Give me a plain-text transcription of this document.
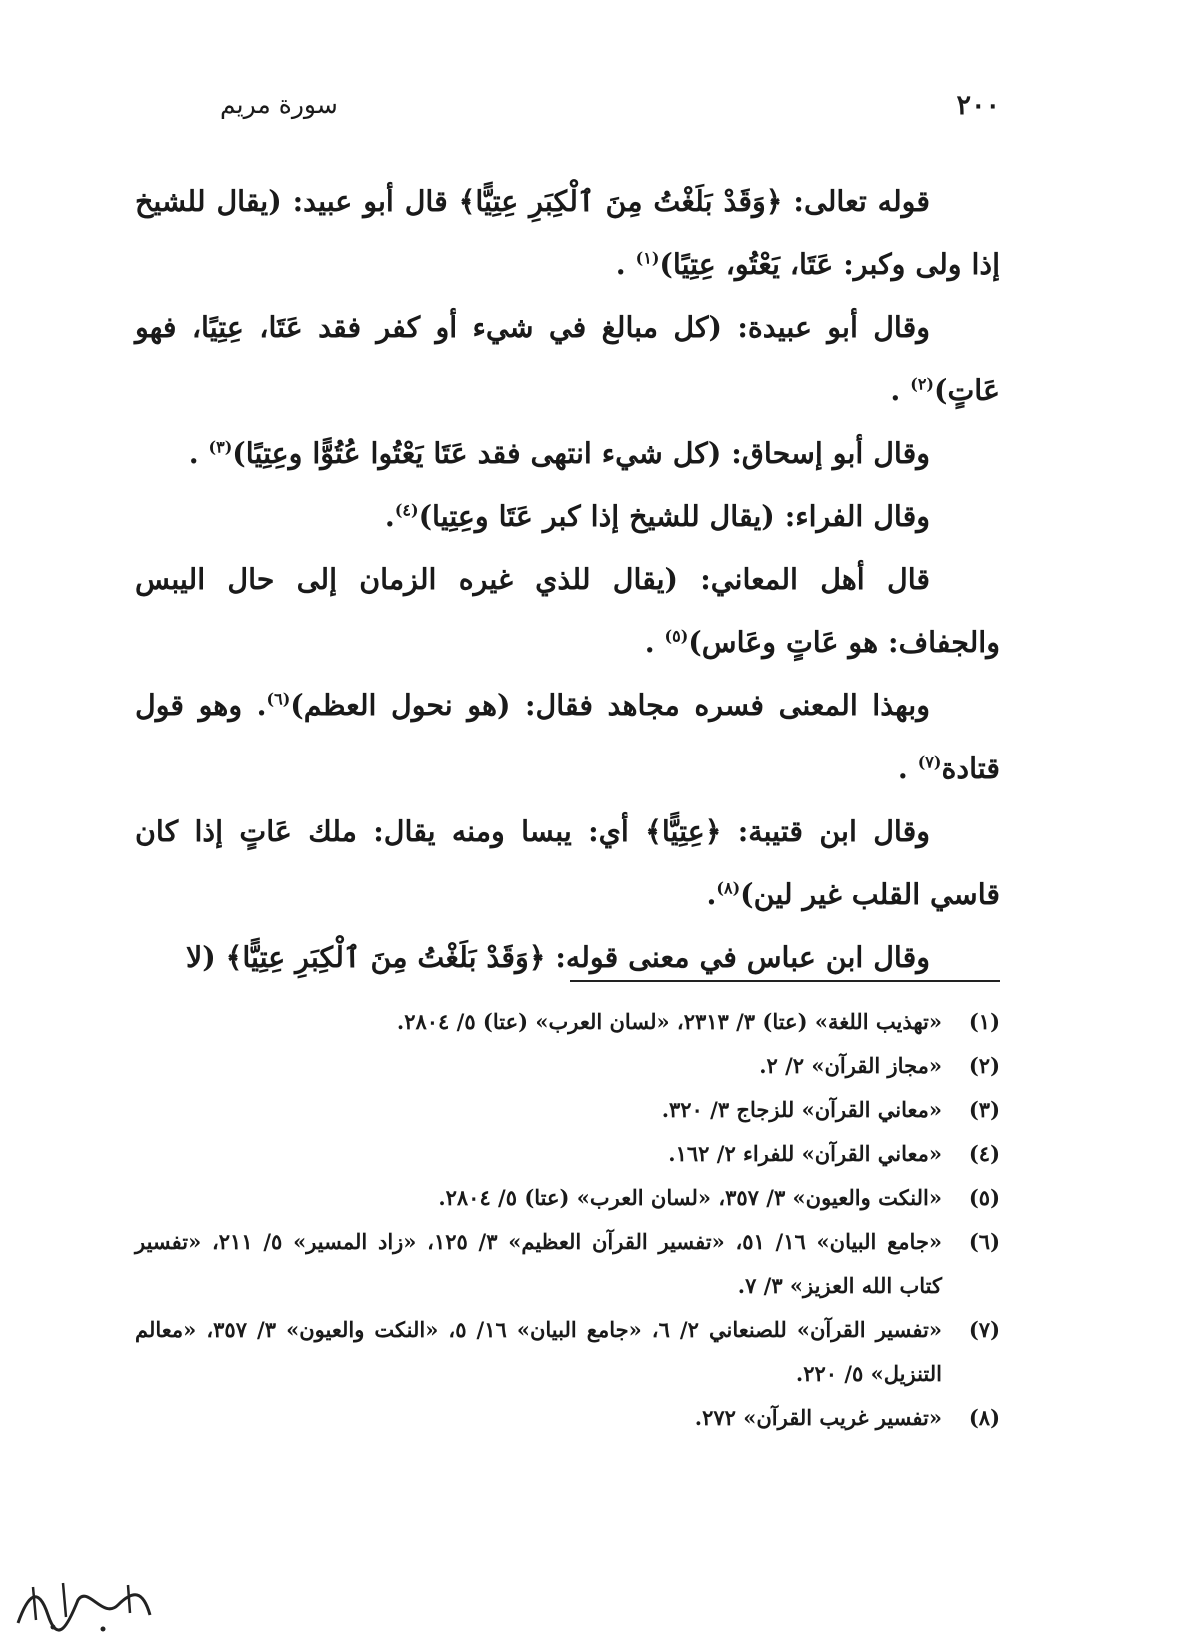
٢٠٠
سورة مريم

قوله تعالى: ﴿وَقَدْ بَلَغْتُ مِنَ ٱلْكِبَرِ عِتِيًّا﴾ قال أبو عبيد: (يقال للشيخ إذا ولى وكبر: عَتَا، يَعْتُو، عِتِيًا)$^{(١)}$ .

وقال أبو عبيدة: (كل مبالغ في شيء أو كفر فقد عَتَا، عِتِيًا، فهو عَاتٍ)$^{(٢)}$ .

وقال أبو إسحاق: (كل شيء انتهى فقد عَتَا يَعْتُوا عُتُوًّا وعِتِيًا)$^{(٣)}$ .

وقال الفراء: (يقال للشيخ إذا كبر عَتَا وعِتِيا)$^{(٤)}$.

قال أهل المعاني: (يقال للذي غيره الزمان إلى حال اليبس والجفاف: هو عَاتٍ وعَاس)$^{(٥)}$ .

وبهذا المعنى فسره مجاهد فقال: (هو نحول العظم)$^{(٦)}$. وهو قول قتادة$^{(٧)}$ .

وقال ابن قتيبة: ﴿عِتِيًّا﴾ أي: يبسا ومنه يقال: ملك عَاتٍ إذا كان قاسي القلب غير لين)$^{(٨)}$.

وقال ابن عباس في معنى قوله: ﴿وَقَدْ بَلَغْتُ مِنَ ٱلْكِبَرِ عِتِيًّا﴾ (لا

(١)
«تهذيب اللغة» (عتا) ٣/ ٢٣١٣، «لسان العرب» (عتا) ٥/ ٢٨٠٤.
(٢)
«مجاز القرآن» ٢/ ٢.
(٣)
«معاني القرآن» للزجاج ٣/ ٣٢٠.
(٤)
«معاني القرآن» للفراء ٢/ ١٦٢.
(٥)
«النكت والعيون» ٣/ ٣٥٧، «لسان العرب» (عتا) ٥/ ٢٨٠٤.
(٦)
«جامع البيان» ١٦/ ٥١، «تفسير القرآن العظيم» ٣/ ١٢٥، «زاد المسير» ٥/ ٢١١، «تفسير كتاب الله العزيز» ٣/ ٧.
(٧)
«تفسير القرآن» للصنعاني ٢/ ٦، «جامع البيان» ١٦/ ٥، «النكت والعيون» ٣/ ٣٥٧، «معالم التنزيل» ٥/ ٢٢٠.
(٨)
«تفسير غريب القرآن» ٢٧٢.
